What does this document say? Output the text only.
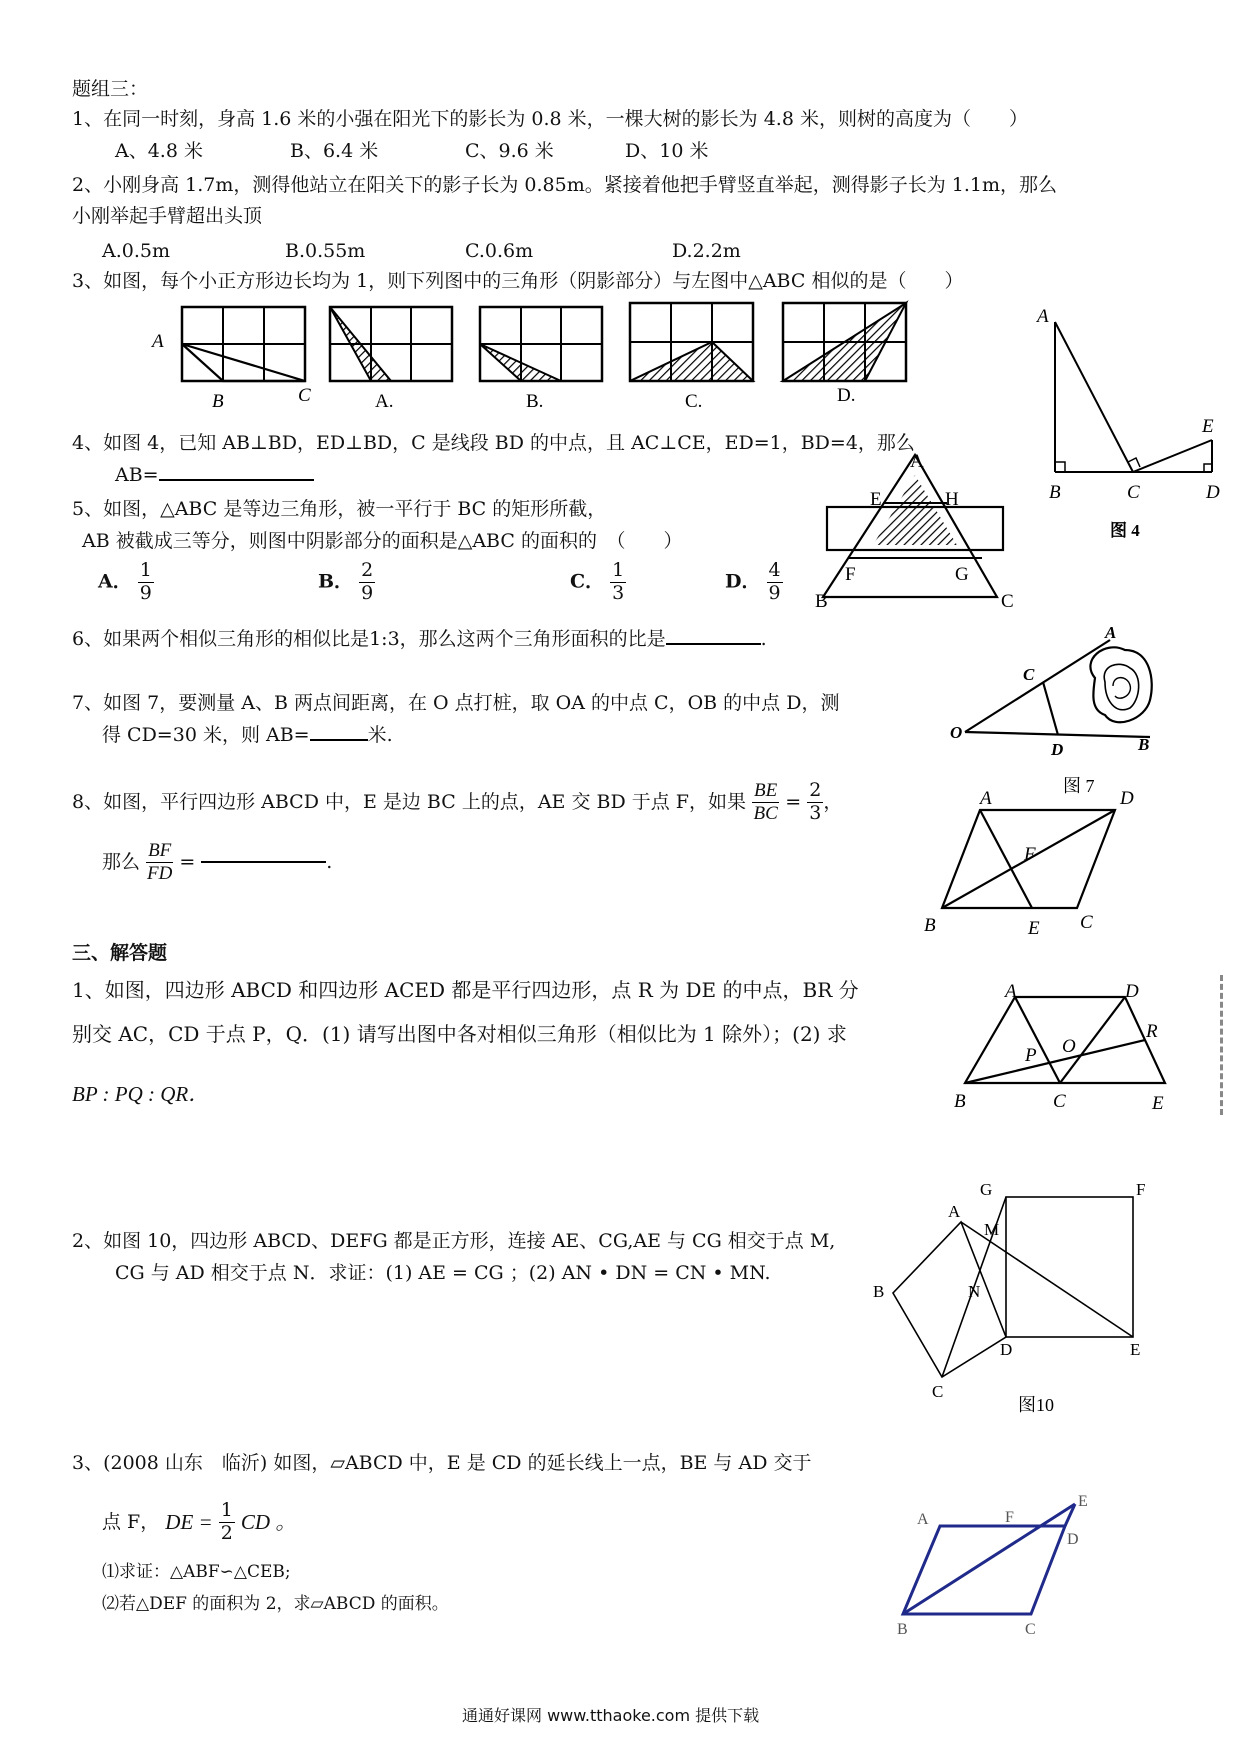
题组三：
1、在同一时刻，身高 1.6 米的小强在阳光下的影长为 0.8 米，一棵大树的影长为 4.8 米，则树的高度为（　　）
A、4.8 米	B、6.4 米	C、9.6 米	D、10 米
2、小刚身高 1.7m，测得他站立在阳关下的影子长为 0.85m。紧接着他把手臂竖直举起，测得影子长为 1.1m，那么
小刚举起手臂超出头顶
A.0.5m	B.0.55m	C.0.6m	D.2.2m
3、如图，每个小正方形边长均为 1，则下列图中的三角形（阴影部分）与左图中△ABC 相似的是（　　）
A
B	C	A.	B.	C.	D.
A
B	C	D
E
图 4
4、如图 4，已知 AB⊥BD，ED⊥BD，C 是线段 BD 的中点，且 AC⊥CE，ED=1，BD=4，那么
AB=
A
E	H
F	G
B	C
5、如图，△ABC 是等边三角形，被一平行于 BC 的矩形所截，
AB 被截成三等分，则图中阴影部分的面积是△ABC 的面积的　（　　）
A． $\frac{1}{9}$	B． $\frac{2}{9}$	C． $\frac{1}{3}$	D． $\frac{4}{9}$
6、如果两个相似三角形的相似比是1:3，那么这两个三角形面积的比是	.	A
C
O
D	B
图 7
7、如图 7，要测量 A、B 两点间距离，在 O 点打桩，取 OA 的中点 C，OB 的中点 D，测
得 CD=30 米，则 AB=	米.
8、如图，平行四边形 ABCD 中，E 是边 BC 上的点，AE 交 BD 于点 F，如果 $\frac{BE}{BC} = \frac{2}{3}$ ，
那么 $\frac{BF}{FD}$ =	.
A	D
F
B	E C
三、解答题
1、如图，四边形 ABCD 和四边形 ACED 都是平行四边形，点 R 为 DE 的中点，BR 分
别交 AC，CD 于点 P，Q．(1) 请写出图中各对相似三角形（相似比为 1 除外）；(2) 求
BP : PQ : QR．
A	D
R
O
P
B	C	E
2、如图 10，四边形 ABCD、DEFG 都是正方形，连接 AE、CG,AE 与 CG 相交于点 M,
CG 与 AD 相交于点 N．求证：(1) AE = CG ；(2) AN • DN = CN • MN.
G	F
A
M
B	N
D	E
C
图10
3、(2008 山东　临沂) 如图，▱ABCD 中，E 是 CD 的延长线上一点，BE 与 AD 交于
点 F， DE = $\frac{1}{2}$ CD 。
⑴求证：△ABF∽△CEB;
⑵若△DEF 的面积为 2，求▱ABCD 的面积。
E
A	F
D
B	C
通通好课网 www.tthaoke.com 提供下载
